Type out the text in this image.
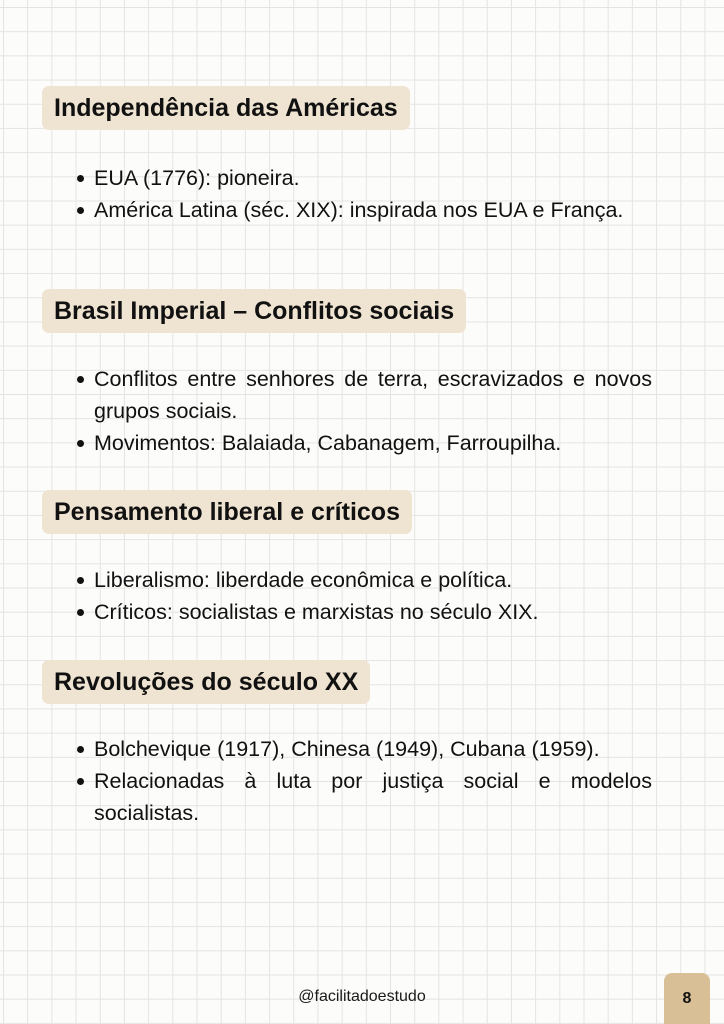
Independência das Américas
EUA (1776): pioneira.
América Latina (séc. XIX): inspirada nos EUA e França.
Brasil Imperial – Conflitos sociais
Conflitos entre senhores de terra, escravizados e novos grupos sociais.
Movimentos: Balaiada, Cabanagem, Farroupilha.
Pensamento liberal e críticos
Liberalismo: liberdade econômica e política.
Críticos: socialistas e marxistas no século XIX.
Revoluções do século XX
Bolchevique (1917), Chinesa (1949), Cubana (1959).
Relacionadas à luta por justiça social e modelos socialistas.
@facilitadoestudo	8
